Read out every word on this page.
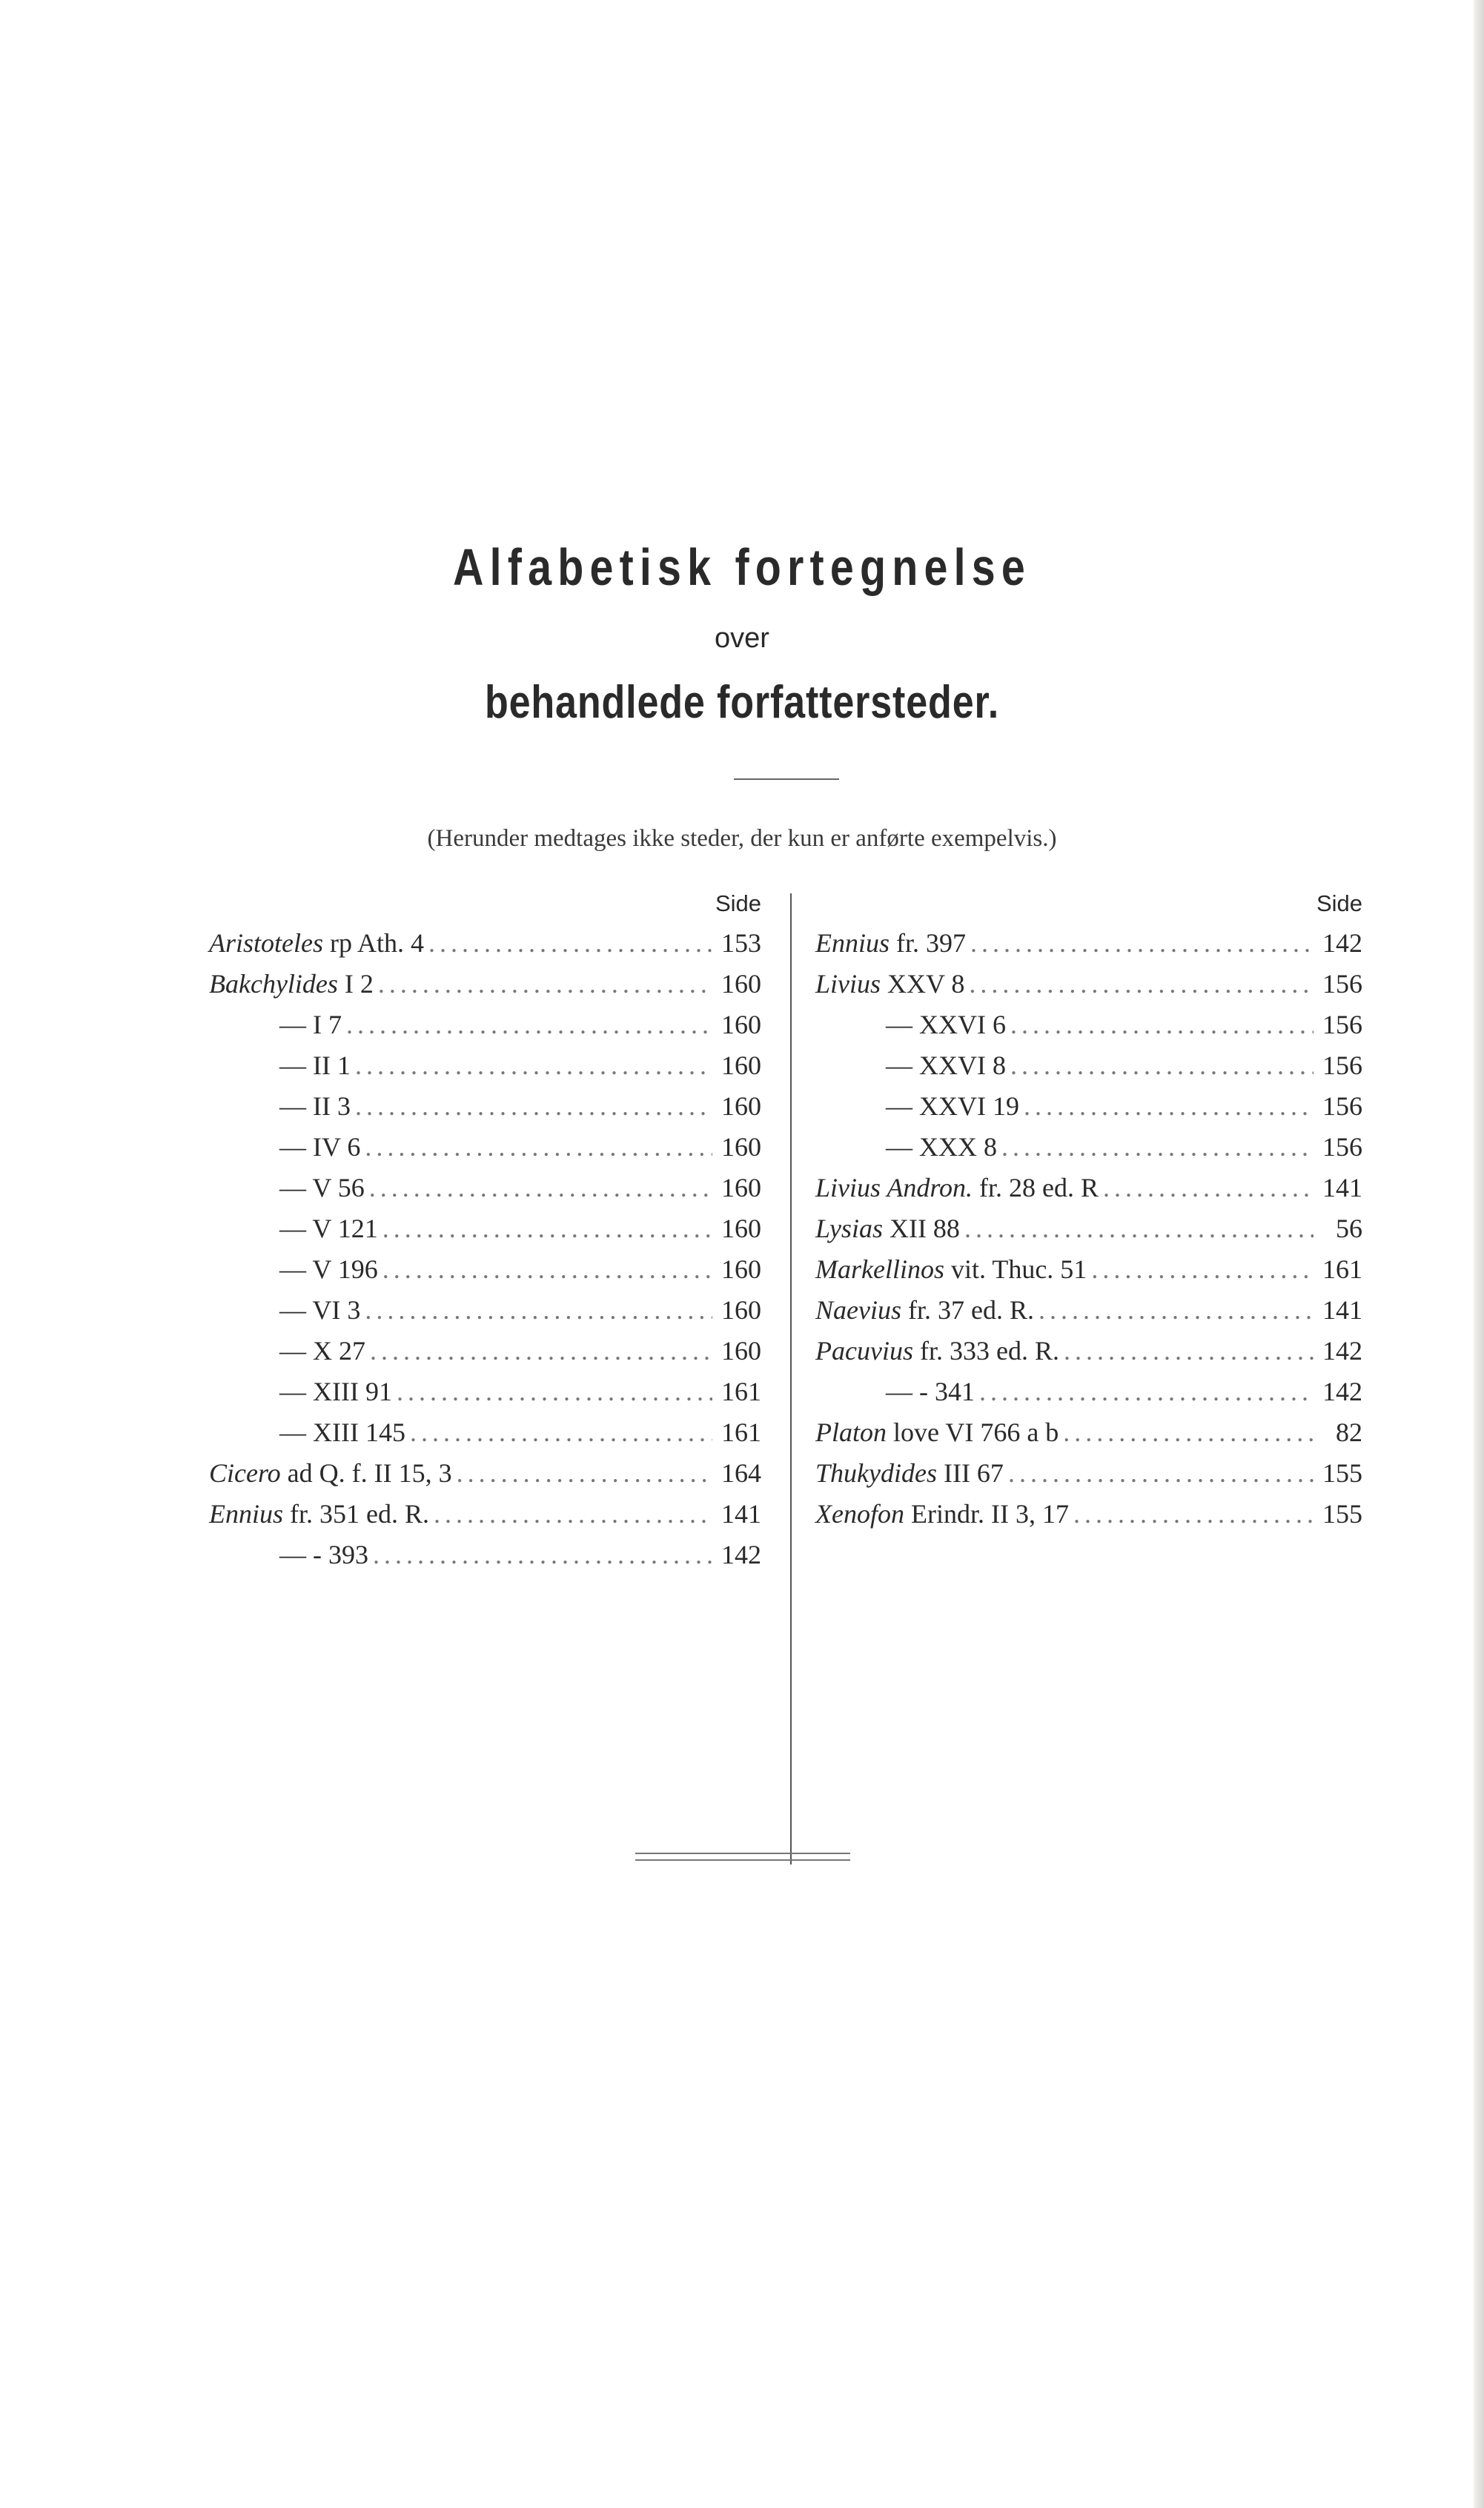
Alfabetisk fortegnelse
over
behandlede forfattersteder.
(Herunder medtages ikke steder, der kun er anførte exempelvis.)
Side
Aristoteles rp Ath. 4 .....	153
Bakchylides I 2 .....	160
— I 7 .....	160
— II 1 .....	160
— II 3 .....	160
— IV 6 .....	160
— V 56 .....	160
— V 121 .....	160
— V 196 .....	160
— VI 3 .....	160
— X 27 .....	160
— XIII 91 .....	161
— XIII 145 .....	161
Cicero ad Q. f. II 15, 3 .....	164
Ennius fr. 351 ed. R. .....	141
— - 393 .....	142
Side
Ennius fr. 397 .....	142
Livius XXV 8 .....	156
— XXVI 6 .....	156
— XXVI 8 .....	156
— XXVI 19 .....	156
— XXX 8 .....	156
Livius Andron. fr. 28 ed. R .....	141
Lysias XII 88 .....	56
Markellinos vit. Thuc. 51 .....	161
Naevius fr. 37 ed. R. .....	141
Pacuvius fr. 333 ed. R. .....	142
— - 341 .....	142
Platon love VI 766 a b .....	82
Thukydides III 67 .....	155
Xenofon Erindr. II 3, 17 .....	155
